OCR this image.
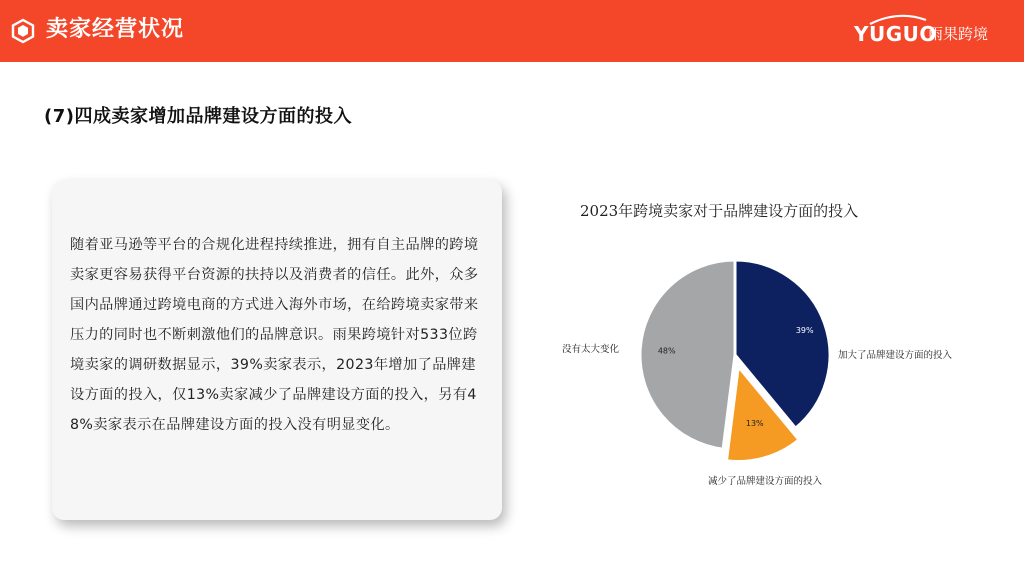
卖家经营状况	YUGUO
雨果跨境
(7)四成卖家增加品牌建设方面的投入
随着亚马逊等平台的合规化进程持续推进，拥有自主品牌的跨境卖家更容易获得平台资源的扶持以及消费者的信任。此外，众多国内品牌通过跨境电商的方式进入海外市场，在给跨境卖家带来压力的同时也不断刺激他们的品牌意识。雨果跨境针对533位跨境卖家的调研数据显示，39%卖家表示，2023年增加了品牌建设方面的投入，仅13%卖家减少了品牌建设方面的投入，另有48%卖家表示在品牌建设方面的投入没有明显变化。
2023年跨境卖家对于品牌建设方面的投入
39%
加大了品牌建设方面的投入
13%
减少了品牌建设方面的投入
48%
没有太大变化
